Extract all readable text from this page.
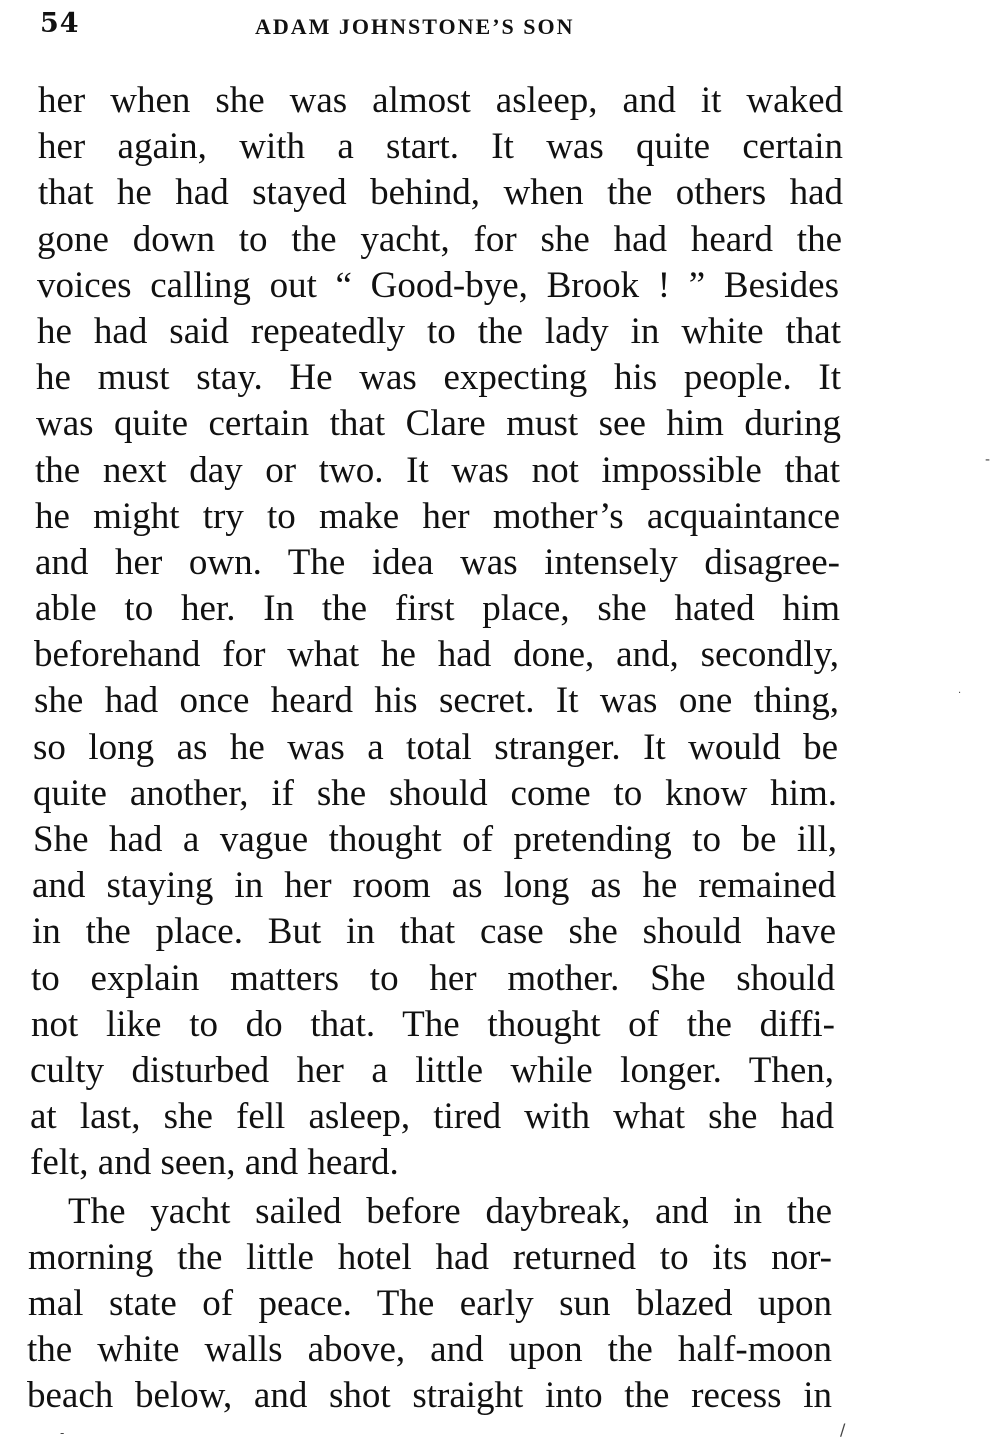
54	ADAM JOHNSTONE’S SON
her when she was almost asleep, and it waked
her again, with a start. It was quite certain
that he had stayed behind, when the others had
gone down to the yacht, for she had heard the
voices calling out “ Good-bye, Brook ! ” Besides
he had said repeatedly to the lady in white that
he must stay. He was expecting his people. It
was quite certain that Clare must see him during
the next day or two. It was not impossible that
he might try to make her mother’s acquaintance
and her own. The idea was intensely disagree-
able to her. In the first place, she hated him
beforehand for what he had done, and, secondly,
she had once heard his secret. It was one thing,
so long as he was a total stranger. It would be
quite another, if she should come to know him.
She had a vague thought of pretending to be ill,
and staying in her room as long as he remained
in the place. But in that case she should have
to explain matters to her mother. She should
not like to do that. The thought of the diffi-
culty disturbed her a little while longer. Then,
at last, she fell asleep, tired with what she had
felt, and seen, and heard.
The yacht sailed before daybreak, and in the
morning the little hotel had returned to its nor-
mal state of peace. The early sun blazed upon
the white walls above, and upon the half-moon
beach below, and shot straight into the recess in
-
·
-	/
